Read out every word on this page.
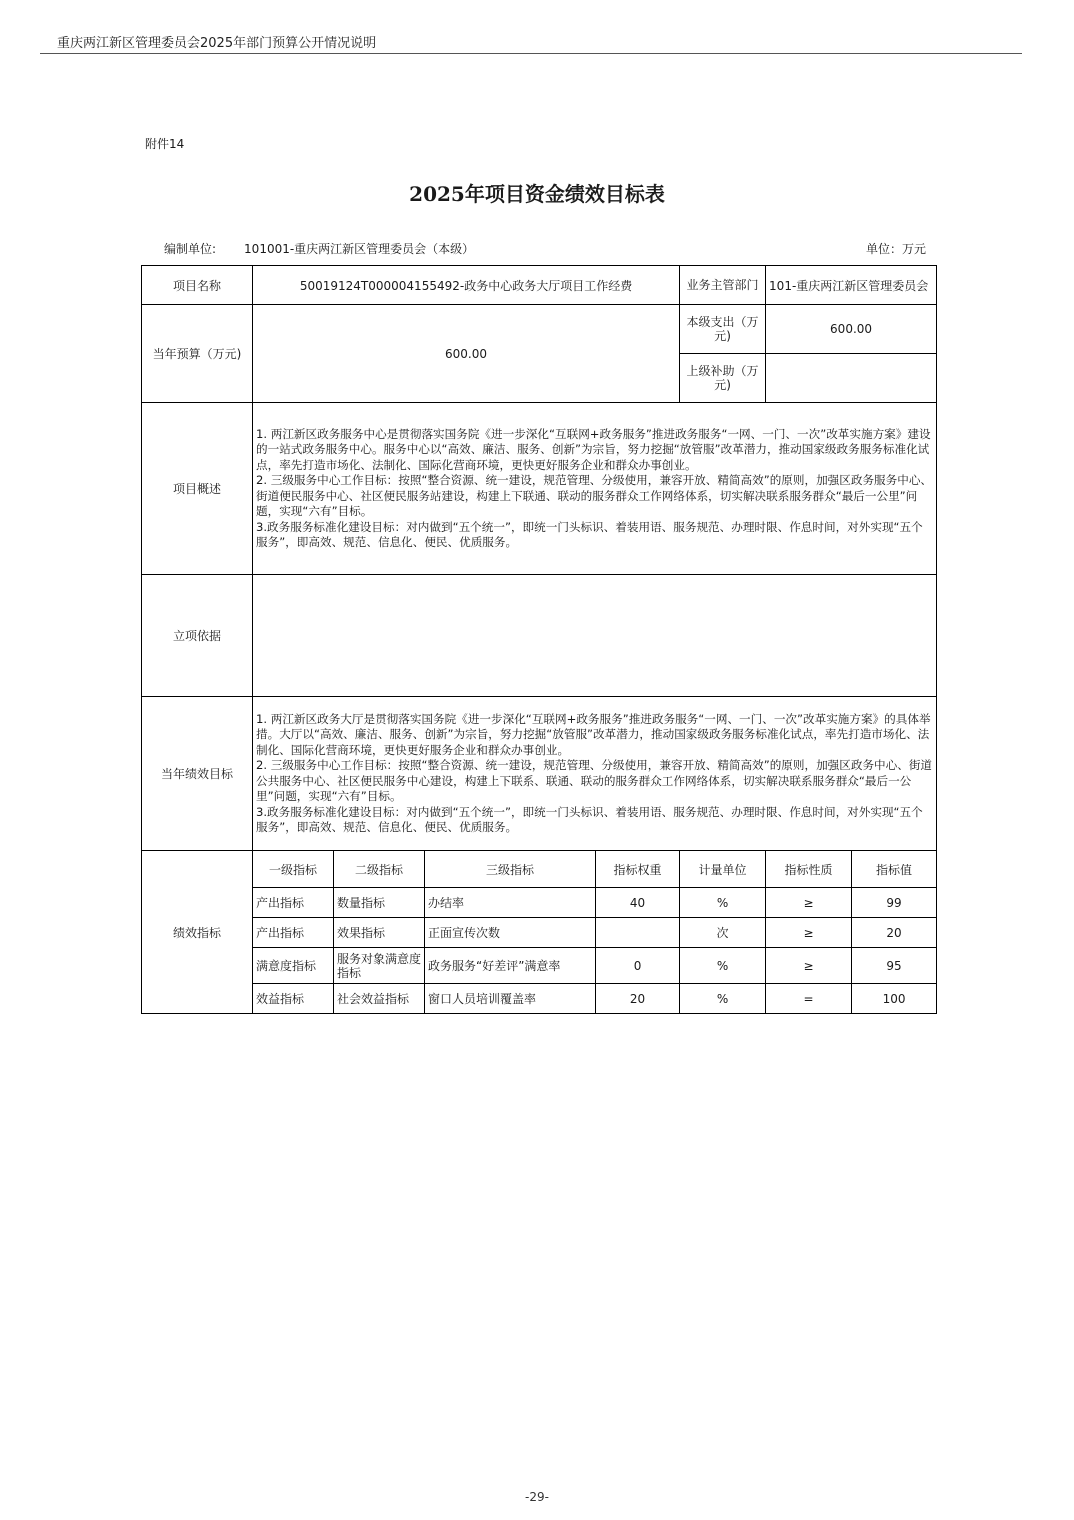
重庆两江新区管理委员会2025年部门预算公开情况说明
附件14
2025年项目资金绩效目标表
编制单位: 101001-重庆两江新区管理委员会（本级）	单位：万元
项目名称	50019124T000004155492-政务中心政务大厅项目工作经费				业务主管部门	101-重庆两江新区管理委员会	
当年预算（万元)	600.00				本级支出（万元)	600.00	
					上级补助（万元)		
项目概述	1. 两江新区政务服务中心是贯彻落实国务院《进一步深化“互联网+政务服务”推进政务服务“一网、一门、一次”改革实施方案》建设的一站式政务服务中心。服务中心以“高效、廉洁、服务、创新”为宗旨，努力挖掘“放管服”改革潜力，推动国家级政务服务标准化试点，率先打造市场化、法制化、国际化营商环境，更快更好服务企业和群众办事创业。

2. 三级服务中心工作目标：按照“整合资源、统一建设，规范管理、分级使用，兼容开放、精简高效”的原则，加强区政务服务中心、街道便民服务中心、社区便民服务站建设，构建上下联通、联动的服务群众工作网络体系，切实解决联系服务群众“最后一公里”问题，实现“六有”目标。

3.政务服务标准化建设目标：对内做到“五个统一”，即统一门头标识、着装用语、服务规范、办理时限、作息时间，对外实现“五个服务”，即高效、规范、信息化、便民、优质服务。						

立项依据							
当年绩效目标	1. 两江新区政务大厅是贯彻落实国务院《进一步深化“互联网+政务服务”推进政务服务“一网、一门、一次”改革实施方案》的具体举措。大厅以“高效、廉洁、服务、创新”为宗旨，努力挖掘“放管服”改革潜力，推动国家级政务服务标准化试点，率先打造市场化、法制化、国际化营商环境，更快更好服务企业和群众办事创业。

2. 三级服务中心工作目标：按照“整合资源、统一建设，规范管理、分级使用，兼容开放、精简高效”的原则，加强区政务中心、街道公共服务中心、社区便民服务中心建设，构建上下联系、联通、联动的服务群众工作网络体系，切实解决联系服务群众“最后一公里”问题，实现“六有”目标。

3.政务服务标准化建设目标：对内做到“五个统一”，即统一门头标识、着装用语、服务规范、办理时限、作息时间，对外实现“五个服务”，即高效、规范、信息化、便民、优质服务。						

绩效指标	一级指标	二级指标	三级指标	指标权重	计量单位	指标性质	指标值
	产出指标	数量指标	办结率	40	%	≥	99
	产出指标	效果指标	正面宣传次数		次	≥	20
	满意度指标	服务对象满意度指标	政务服务“好差评”满意率	0	%	≥	95
	效益指标	社会效益指标	窗口人员培训覆盖率	20	%	=	100
-29-
